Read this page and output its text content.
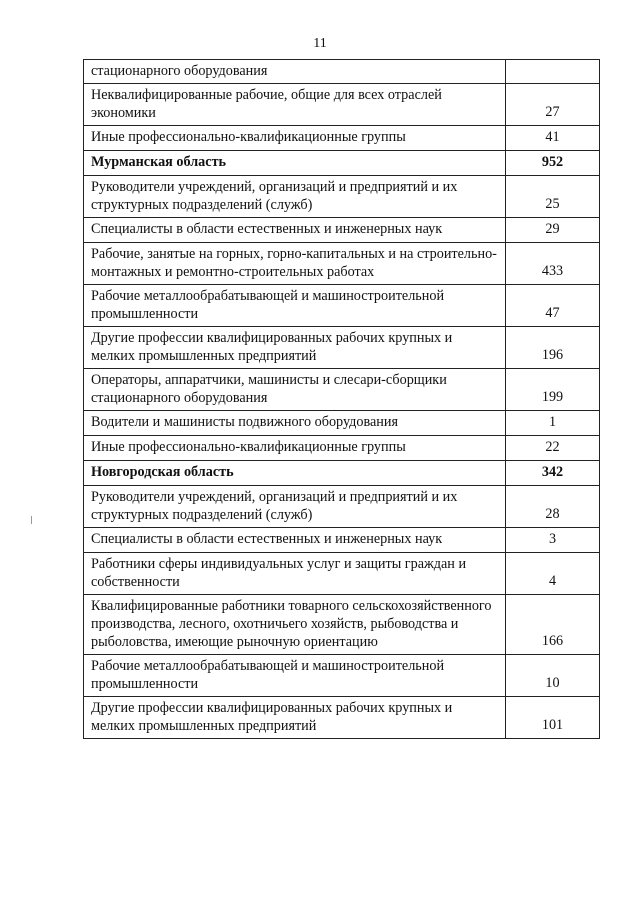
11
стационарного оборудования	
Неквалифицированные рабочие, общие для всех отраслей экономики	27
Иные профессионально-квалификационные группы	41
Мурманская область	952
Руководители учреждений, организаций и предприятий и их структурных подразделений (служб)	25
Специалисты в области естественных и инженерных наук	29
Рабочие, занятые на горных, горно-капитальных и на строительно-монтажных и ремонтно-строительных работах	433
Рабочие металлообрабатывающей и машиностроительной промышленности	47
Другие профессии квалифицированных рабочих крупных и мелких промышленных предприятий	196
Операторы, аппаратчики, машинисты и слесари-сборщики стационарного оборудования	199
Водители и машинисты подвижного оборудования	1
Иные профессионально-квалификационные группы	22
Новгородская область	342
Руководители учреждений, организаций и предприятий и их структурных подразделений (служб)	28
Специалисты в области естественных и инженерных наук	3
Работники сферы индивидуальных услуг и защиты граждан и собственности	4
Квалифицированные работники товарного сельскохозяйственного производства, лесного, охотничьего хозяйств, рыбоводства и рыболовства, имеющие рыночную ориентацию	166
Рабочие металлообрабатывающей и машиностроительной промышленности	10
Другие профессии квалифицированных рабочих крупных и мелких промышленных предприятий	101
